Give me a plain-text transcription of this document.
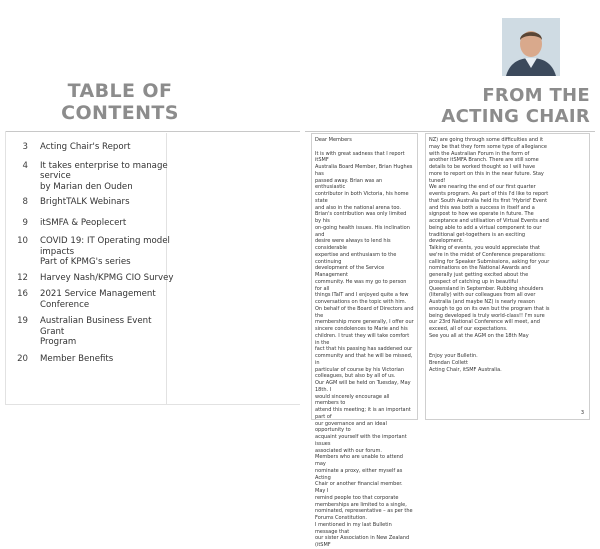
TABLE OF
CONTENTS
3 Acting Chair's Report
4 It takes enterprise to manage
service
by Marian den Ouden
8 BrightTALK Webinars
9 itSMFA & Peoplecert
10 COVID 19: IT Operating model
impacts
Part of KPMG's series
12 Harvey Nash/KPMG CIO Survey
16 2021 Service Management
Conference
19 Australian Business Event Grant
Program
20 Member Benefits
FROM THE
ACTING CHAIR

Dear Members

It is with great sadness that I report itSMF

Australia Board Member, Brian Hughes has

passed away. Brian was an enthusiastic

contributor in both Victoria, his home state

and also in the national arena too.

Brian's contribution was only limited by his

on-going health issues. His inclination and

desire were always to lend his considerable

expertise and enthusiasm to the continuing

development of the Service Management

community. He was my go to person for all

things ITaIT and I enjoyed quite a few

conversations on the topic with him.

On behalf of the Board of Directors and the

membership more generally, I offer our

sincere condolences to Marie and his

children. I trust they will take comfort in the

fact that his passing has saddened our

community and that he will be missed, in

particular of course by his Victorian

colleagues, but also by all of us.

Our AGM will be held on Tuesday, May 18th. I

would sincerely encourage all members to

attend this meeting; it is an important part of

our governance and an ideal opportunity to

acquaint yourself with the important issues

associated with our forum.

Members who are unable to attend may

nominate a proxy, either myself as Acting

Chair or another financial member. May I

remind people too that corporate

memberships are limited to a single,

nominated, representative – as per the

Forums Constitution.

I mentioned in my last Bulletin message that

our sister Association in New Zealand (itSMF

NZ) are going through some difficulties and it

may be that they form some type of allegiance

with the Australian Forum in the form of

another itSMFA Branch. There are still some

details to be worked thought so I will have

more to report on this in the near future. Stay

tuned!

We are nearing the end of our first quarter

events program. As part of this I'd like to report

that South Australia held its first 'Hybrid' Event

and this was both a success in itself and a

signpost to how we operate in future. The

acceptance and utilisation of Virtual Events and

being able to add a virtual component to our

traditional get-togethers is an exciting

development.

Talking of events, you would appreciate that

we're in the midst of Conference preparations:

calling for Speaker Submissions, asking for your

nominations on the National Awards and

generally just getting excited about the

prospect of catching up in beautiful

Queensland in September. Rubbing shoulders

(literally) with our colleagues from all over

Australia (and maybe NZ) is nearly reason

enough to go on its own but the program that is

being developed is truly world-class!! I'm sure

our 23rd National Conference will meet, and

exceed, all of our expectations.

See you all at the AGM on the 18th May

Enjoy your Bulletin.

Brendan Collett

Acting Chair, itSMF Australia.

3
